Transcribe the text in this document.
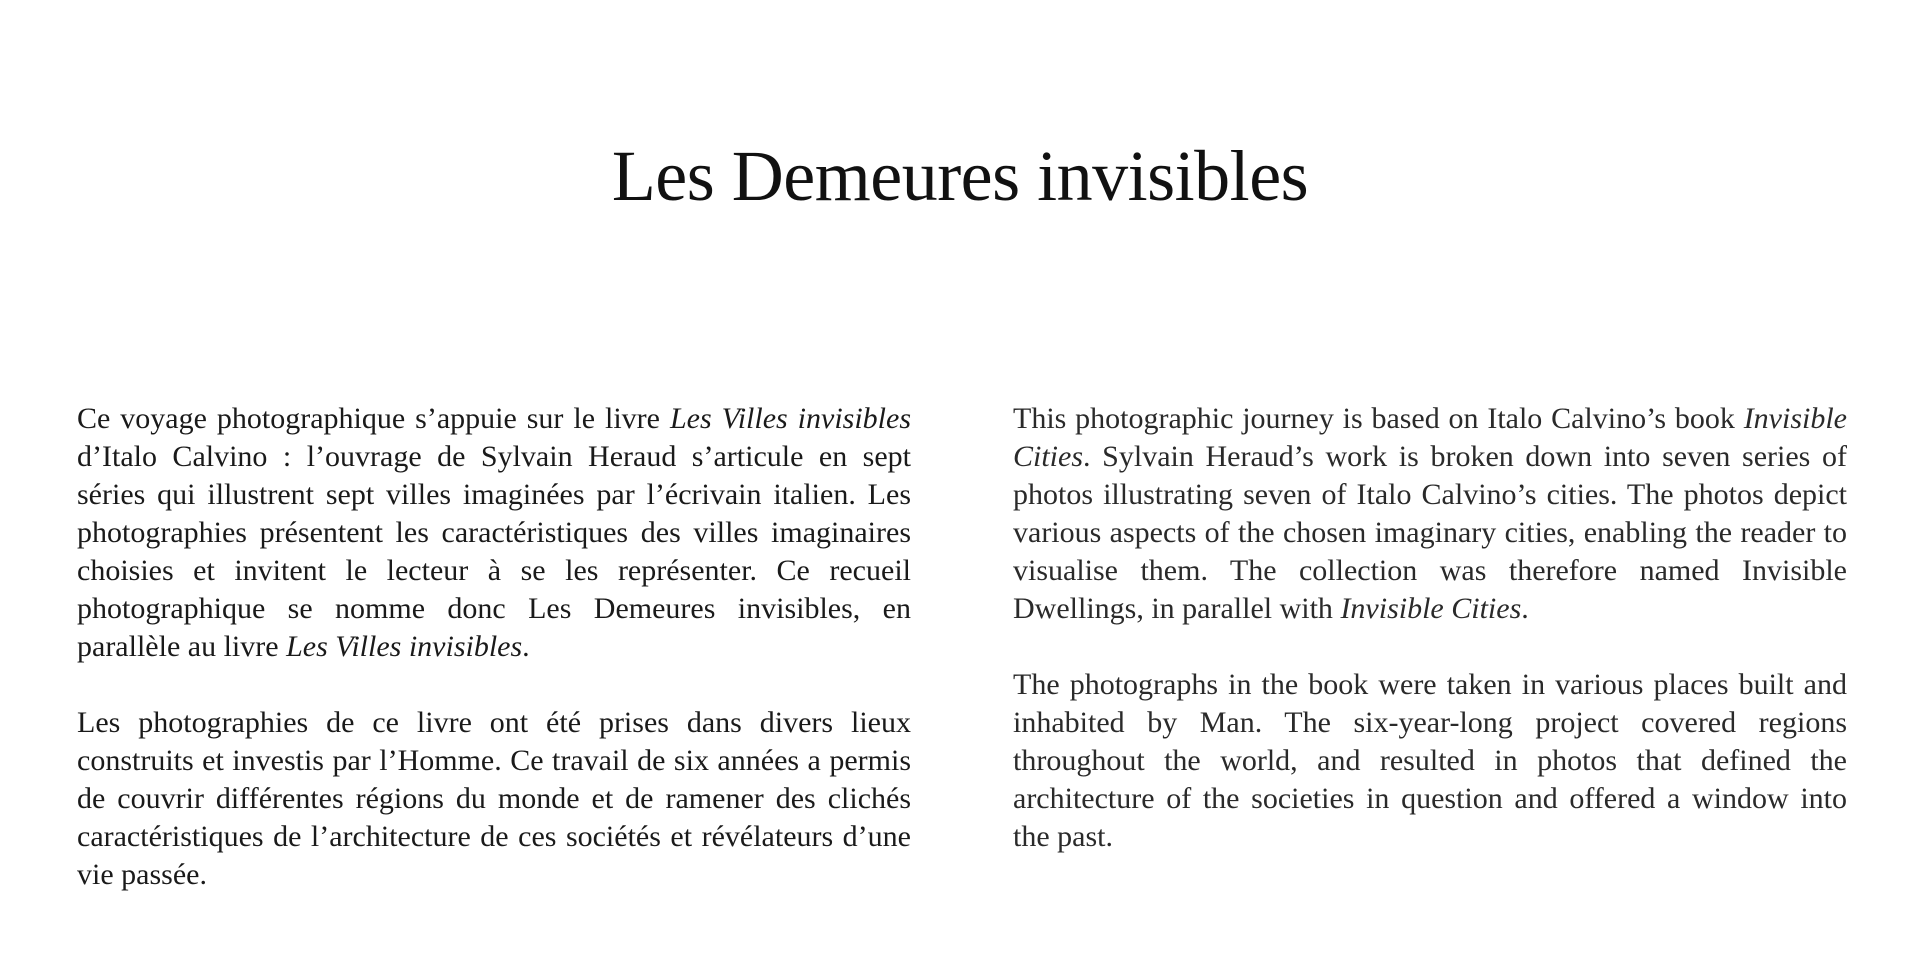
Les Demeures invisibles

Ce voyage photographique s’appuie sur le livre Les Villes invisibles d’Italo Calvino : l’ouvrage de Sylvain Heraud s’articule en sept séries qui illustrent sept villes imaginées par l’écrivain italien. Les photographies présentent les caractéristiques des villes imaginaires choisies et invitent le lecteur à se les représenter. Ce recueil photographique se nomme donc Les Demeures invisibles, en parallèle au livre Les Villes invisibles.

Les photographies de ce livre ont été prises dans divers lieux construits et investis par l’Homme. Ce travail de six années a permis de couvrir différentes régions du monde et de ramener des clichés caractéristiques de l’architecture de ces sociétés et révélateurs d’une vie passée.

This photographic journey is based on Italo Calvino’s book Invisible Cities. Sylvain Heraud’s work is broken down into seven series of photos illustrating seven of Italo Calvino’s cities. The photos depict various aspects of the chosen imaginary cities, enabling the reader to visualise them. The collection was therefore named Invisible Dwellings, in parallel with Invisible Cities.

The photographs in the book were taken in various places built and inhabited by Man. The six-year-long project covered regions throughout the world, and resulted in photos that defined the architecture of the societies in question and offered a window into the past.
